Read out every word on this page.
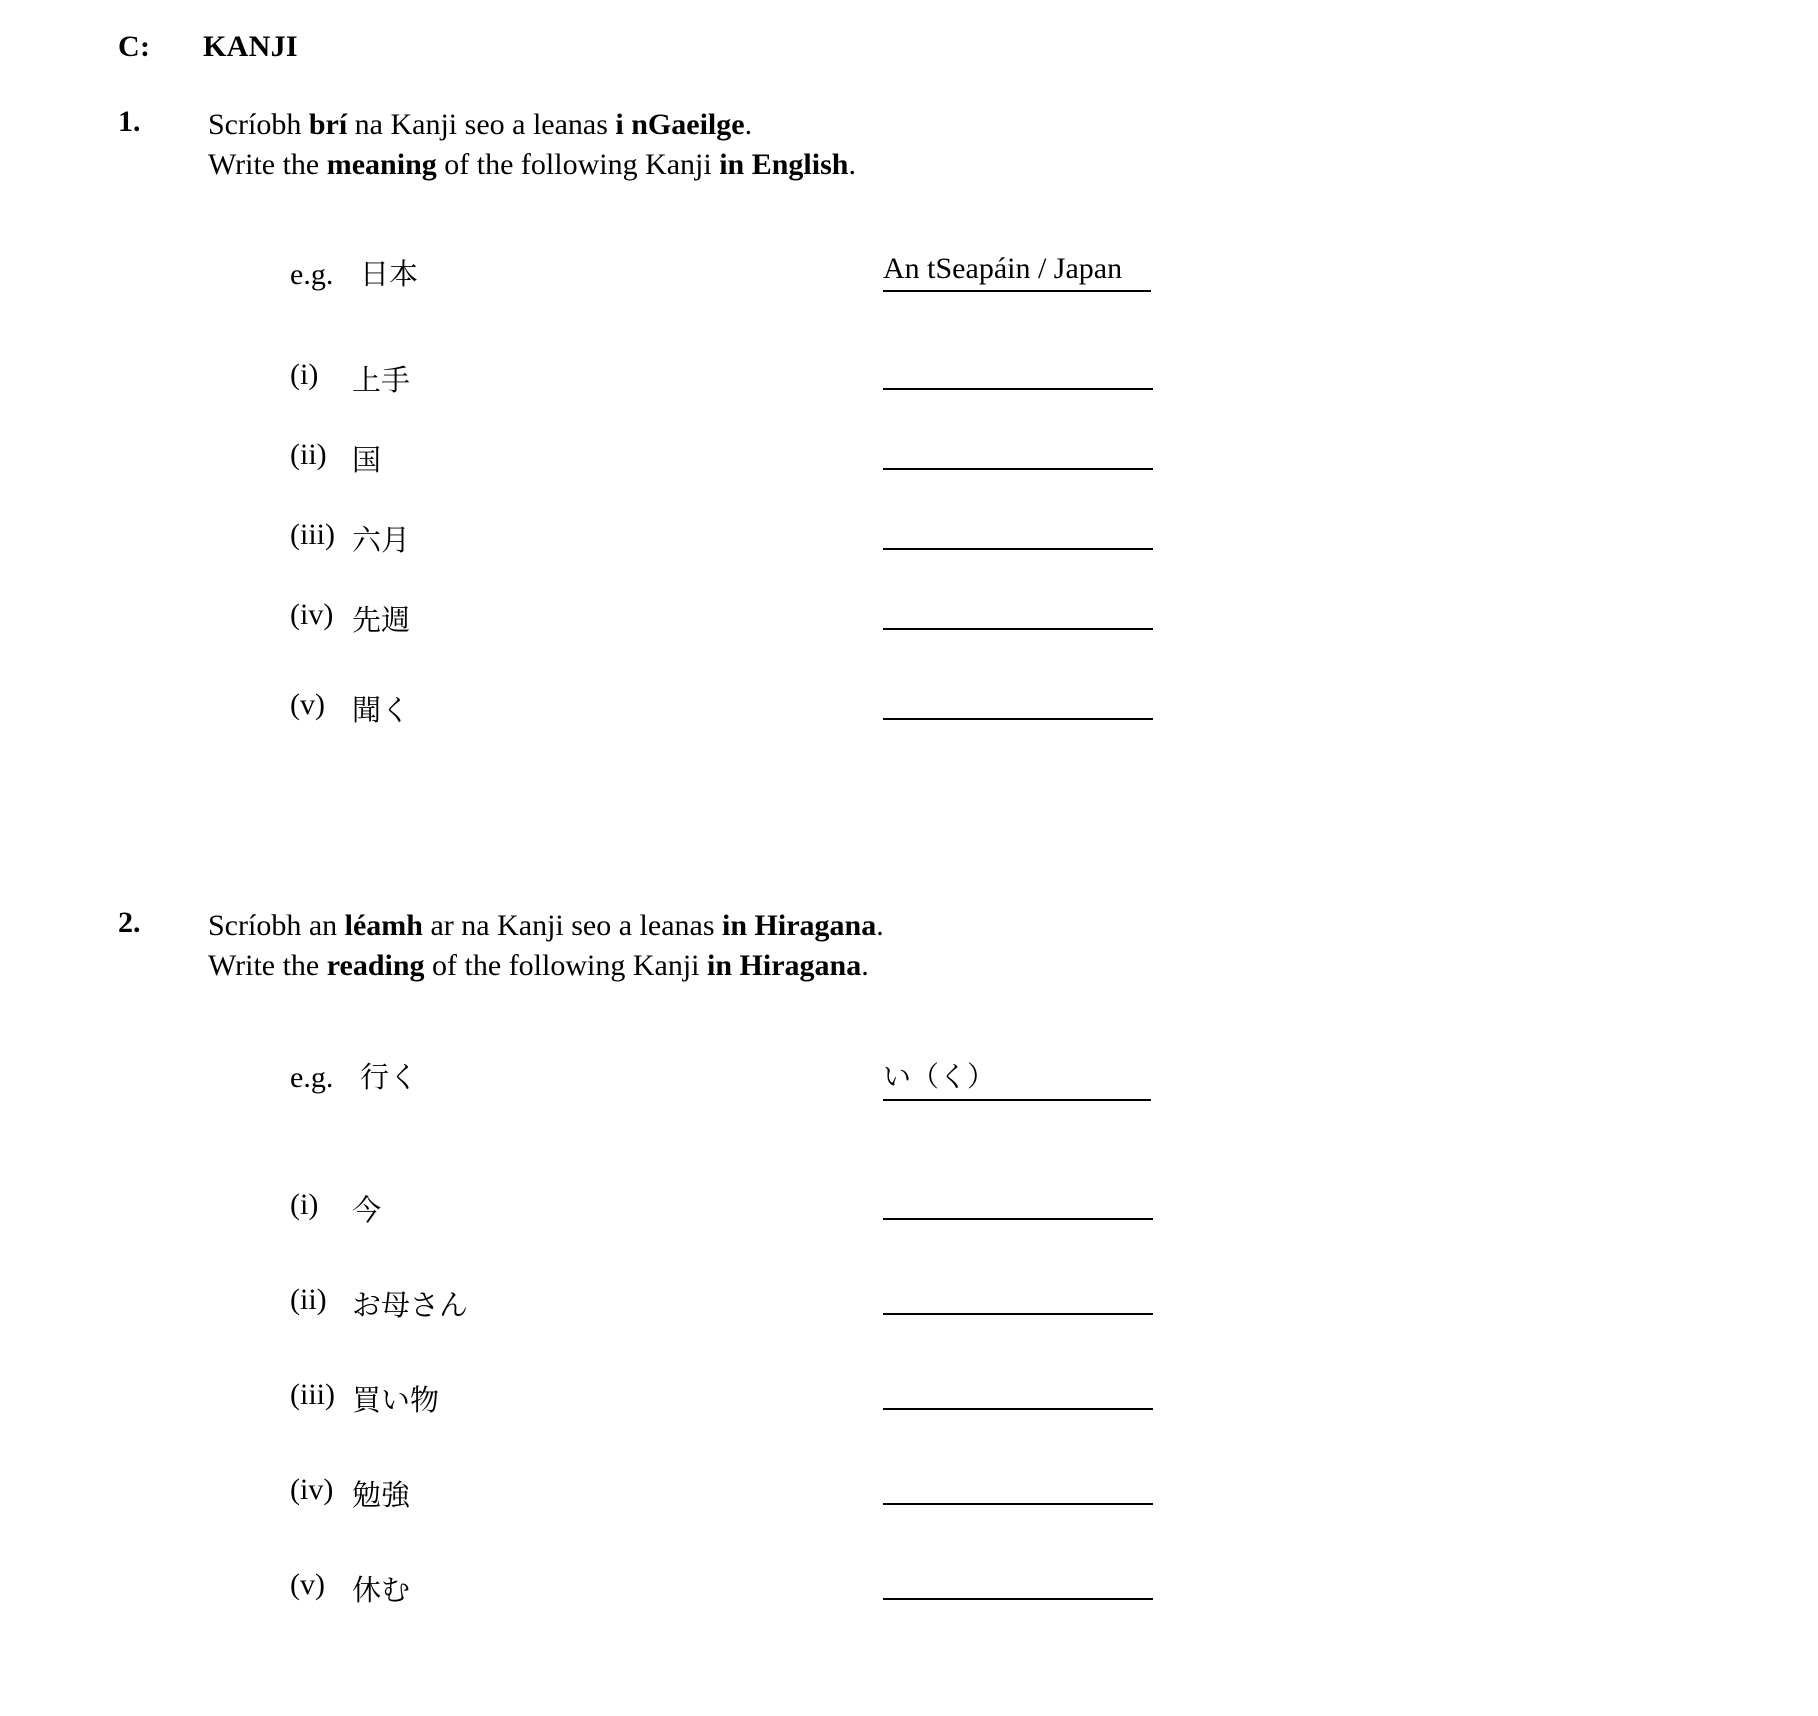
C: KANJI
1. Scríobh brí na Kanji seo a leanas i nGaeilge.
Write the meaning of the following Kanji in English.
e.g. 日本	An tSeapáin / Japan
(i) 上手
(ii) 国
(iii) 六月
(iv) 先週
(v) 聞く
2. Scríobh an léamh ar na Kanji seo a leanas in Hiragana.
Write the reading of the following Kanji in Hiragana.
e.g. 行く	い（く）
(i) 今
(ii) お母さん
(iii) 買い物
(iv) 勉強
(v) 休む
